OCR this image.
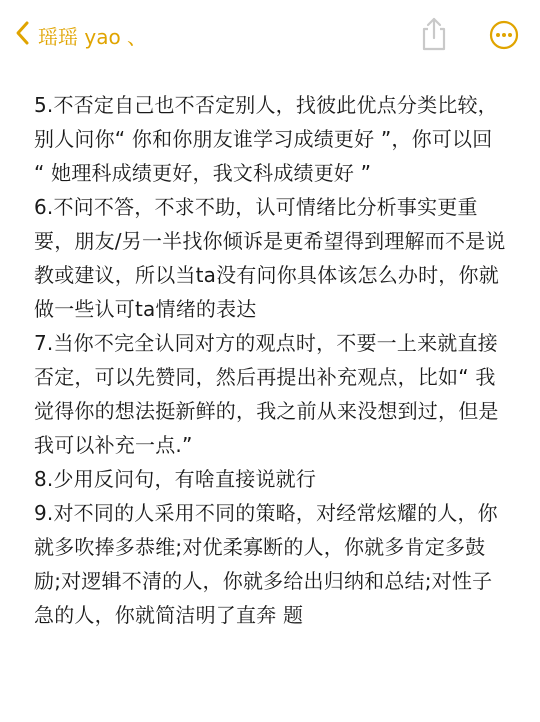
瑶瑶 yao 、
5.不否定自己也不否定别人，找彼此优点分类比较，
别人问你“ 你和你朋友谁学习成绩更好 ”，你可以回
“ 她理科成绩更好，我文科成绩更好 ”
6.不问不答，不求不助，认可情绪比分析事实更重
要，朋友/另一半找你倾诉是更希望得到理解而不是说
教或建议，所以当ta没有问你具体该怎么办时，你就
做一些认可ta情绪的表达
7.当你不完全认同对方的观点时，不要一上来就直接
否定，可以先赞同，然后再提出补充观点，比如“ 我
觉得你的想法挺新鲜的，我之前从来没想到过，但是
我可以补充一点.”
8.少用反问句，有啥直接说就行
9.对不同的人采用不同的策略，对经常炫耀的人，你
就多吹捧多恭维;对优柔寡断的人，你就多肯定多鼓
励;对逻辑不清的人，你就多给出归纳和总结;对性子
急的人，你就简洁明了直奔 题
